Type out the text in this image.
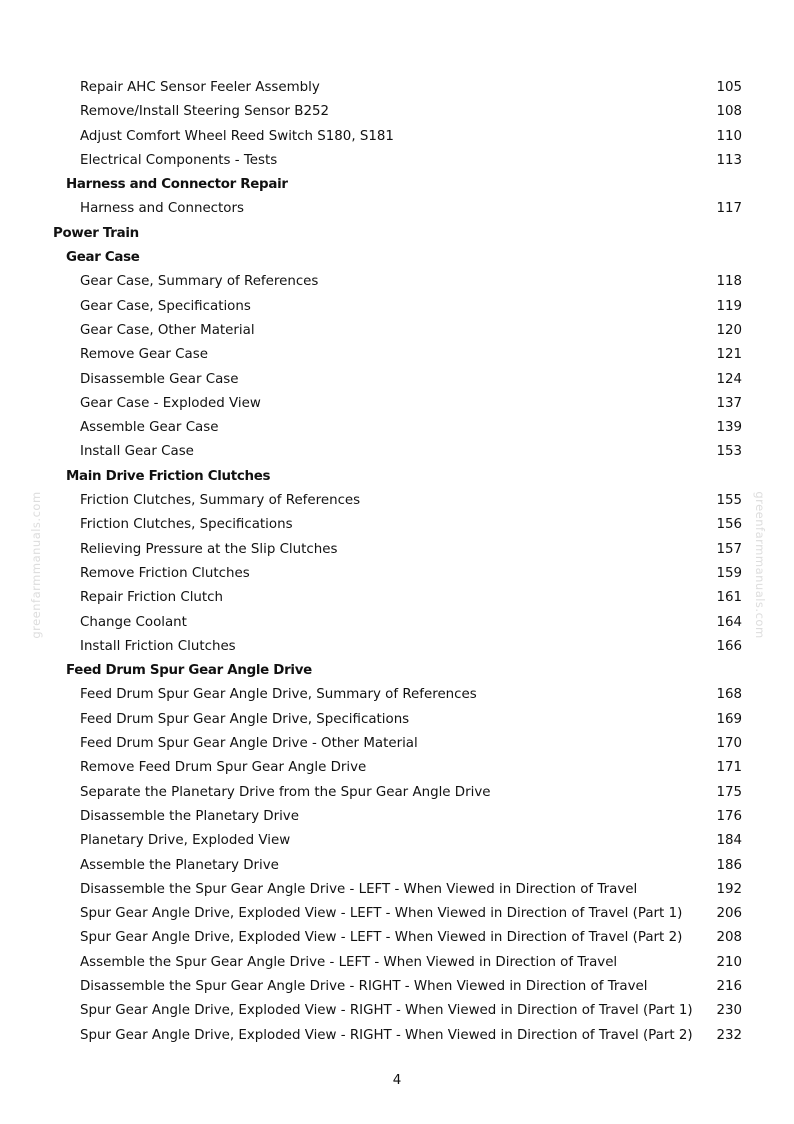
Repair AHC Sensor Feeler Assembly	105
Remove/Install Steering Sensor B252	108
Adjust Comfort Wheel Reed Switch S180, S181	110
Electrical Components - Tests	113
Harness and Connector Repair
Harness and Connectors	117
Power Train
Gear Case
Gear Case, Summary of References	118
Gear Case, Specifications	119
Gear Case, Other Material	120
Remove Gear Case	121
Disassemble Gear Case	124
Gear Case - Exploded View	137
Assemble Gear Case	139
Install Gear Case	153
Main Drive Friction Clutches
Friction Clutches, Summary of References	155
Friction Clutches, Specifications	156
Relieving Pressure at the Slip Clutches	157
Remove Friction Clutches	159
Repair Friction Clutch	161
Change Coolant	164
Install Friction Clutches	166
Feed Drum Spur Gear Angle Drive
Feed Drum Spur Gear Angle Drive, Summary of References	168
Feed Drum Spur Gear Angle Drive, Specifications	169
Feed Drum Spur Gear Angle Drive - Other Material	170
Remove Feed Drum Spur Gear Angle Drive	171
Separate the Planetary Drive from the Spur Gear Angle Drive	175
Disassemble the Planetary Drive	176
Planetary Drive, Exploded View	184
Assemble the Planetary Drive	186
Disassemble the Spur Gear Angle Drive - LEFT - When Viewed in Direction of Travel	192
Spur Gear Angle Drive, Exploded View - LEFT - When Viewed in Direction of Travel (Part 1)	206
Spur Gear Angle Drive, Exploded View - LEFT - When Viewed in Direction of Travel (Part 2)	208
Assemble the Spur Gear Angle Drive - LEFT - When Viewed in Direction of Travel	210
Disassemble the Spur Gear Angle Drive - RIGHT - When Viewed in Direction of Travel	216
Spur Gear Angle Drive, Exploded View - RIGHT - When Viewed in Direction of Travel (Part 1) 230
Spur Gear Angle Drive, Exploded View - RIGHT - When Viewed in Direction of Travel (Part 2) 232
greenfarmmanuals.com	greenfarmmanuals.com
4
